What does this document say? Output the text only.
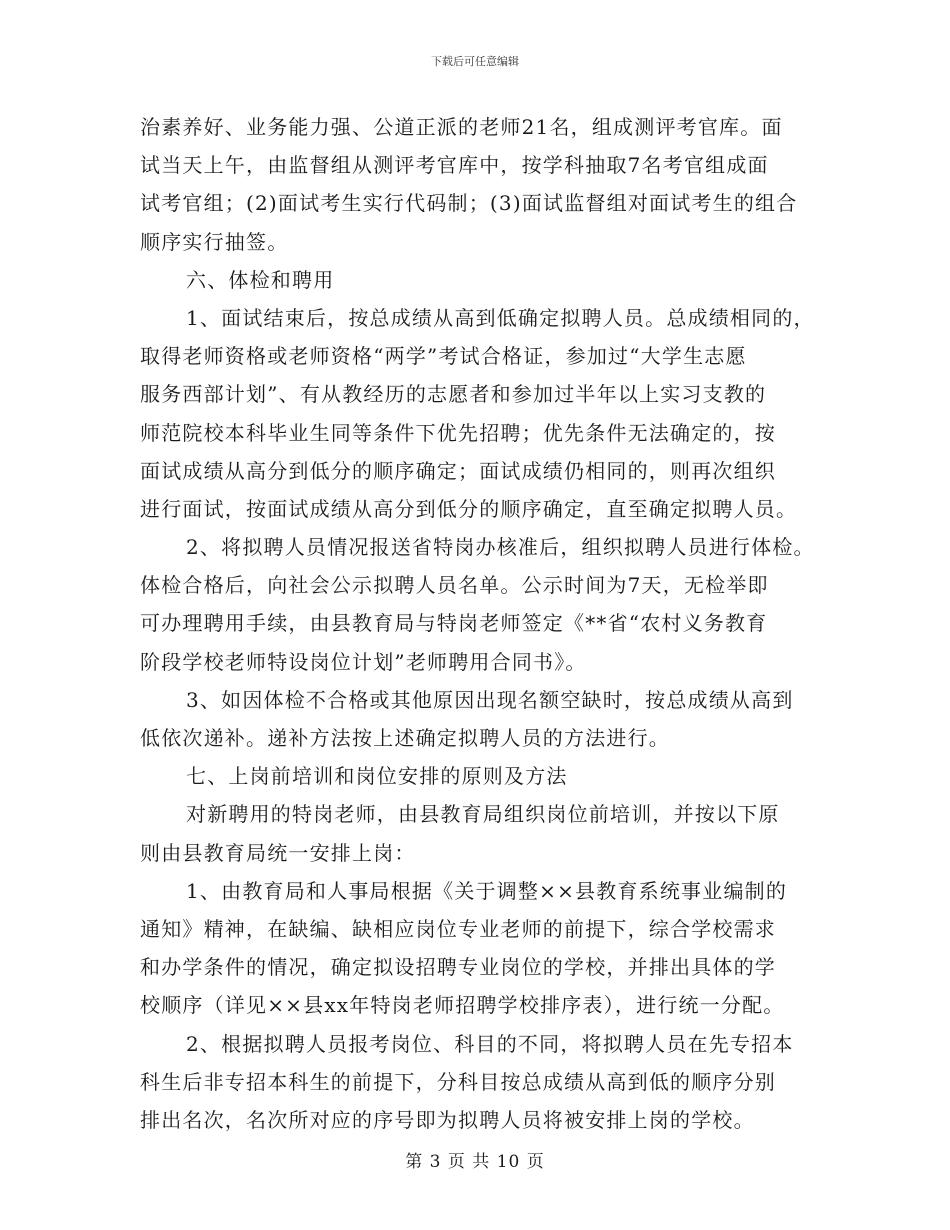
下载后可任意编辑
治素养好、业务能力强、公道正派的老师21名，组成测评考官库。面
试当天上午，由监督组从测评考官库中，按学科抽取7名考官组成面
试考官组；(2)面试考生实行代码制；(3)面试监督组对面试考生的组合
顺序实行抽签。
六、体检和聘用
1、面试结束后，按总成绩从高到低确定拟聘人员。总成绩相同的，
取得老师资格或老师资格“两学”考试合格证，参加过“大学生志愿
服务西部计划”、有从教经历的志愿者和参加过半年以上实习支教的
师范院校本科毕业生同等条件下优先招聘；优先条件无法确定的，按
面试成绩从高分到低分的顺序确定；面试成绩仍相同的，则再次组织
进行面试，按面试成绩从高分到低分的顺序确定，直至确定拟聘人员。
2、将拟聘人员情况报送省特岗办核准后，组织拟聘人员进行体检。
体检合格后，向社会公示拟聘人员名单。公示时间为7天，无检举即
可办理聘用手续，由县教育局与特岗老师签定《**省“农村义务教育
阶段学校老师特设岗位计划”老师聘用合同书》。
3、如因体检不合格或其他原因出现名额空缺时，按总成绩从高到
低依次递补。递补方法按上述确定拟聘人员的方法进行。
七、上岗前培训和岗位安排的原则及方法
对新聘用的特岗老师，由县教育局组织岗位前培训，并按以下原
则由县教育局统一安排上岗：
1、由教育局和人事局根据《关于调整××县教育系统事业编制的
通知》精神，在缺编、缺相应岗位专业老师的前提下，综合学校需求
和办学条件的情况，确定拟设招聘专业岗位的学校，并排出具体的学
校顺序（详见××县xx年特岗老师招聘学校排序表），进行统一分配。
2、根据拟聘人员报考岗位、科目的不同，将拟聘人员在先专招本
科生后非专招本科生的前提下，分科目按总成绩从高到低的顺序分别
排出名次，名次所对应的序号即为拟聘人员将被安排上岗的学校。
第 3 页 共 10 页
